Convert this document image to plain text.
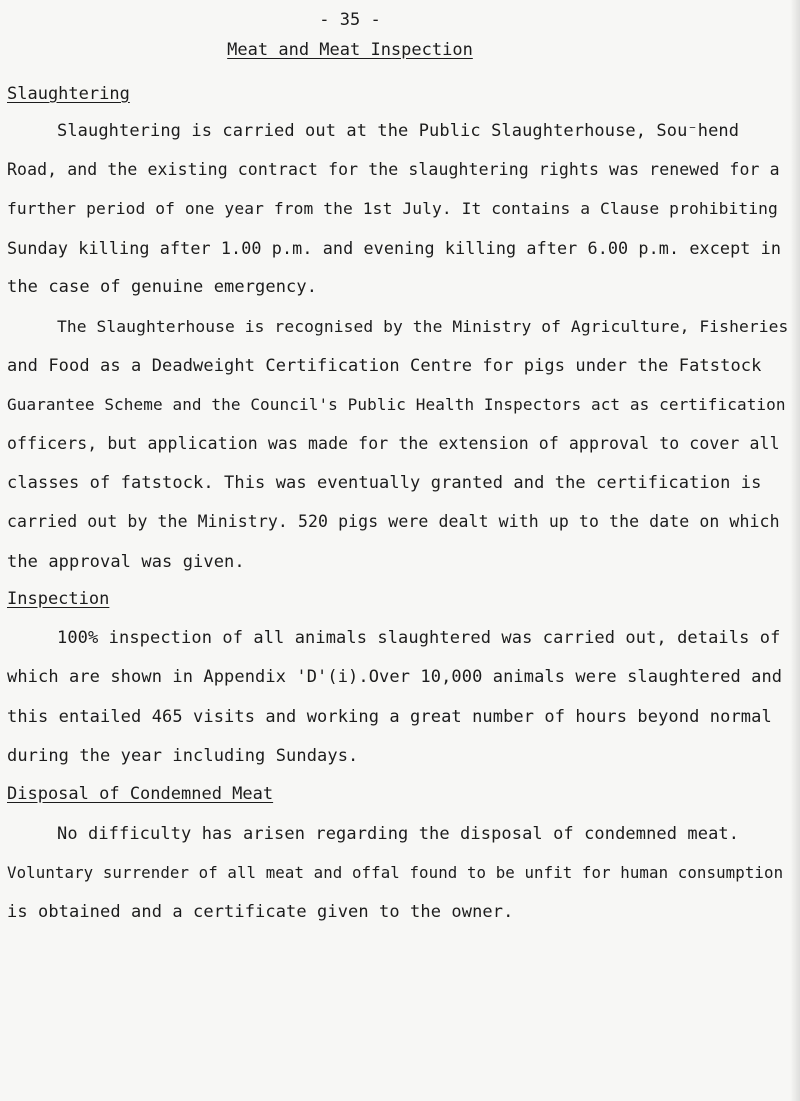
- 35 -
Meat and Meat Inspection
Slaughtering
Slaughtering is carried out at the Public Slaughterhouse, Sou⁻hend
Road, and the existing contract for the slaughtering rights was renewed for a
further period of one year from the 1st July. It contains a Clause prohibiting
Sunday killing after 1.00 p.m. and evening killing after 6.00 p.m. except in
the case of genuine emergency.
The Slaughterhouse is recognised by the Ministry of Agriculture, Fisheries
and Food as a Deadweight Certification Centre for pigs under the Fatstock
Guarantee Scheme and the Council's Public Health Inspectors act as certification
officers, but application was made for the extension of approval to cover all
classes of fatstock. This was eventually granted and the certification is
carried out by the Ministry. 520 pigs were dealt with up to the date on which
the approval was given.
Inspection
100% inspection of all animals slaughtered was carried out, details of
which are shown in Appendix 'D'(i).Over 10,000 animals were slaughtered and
this entailed 465 visits and working a great number of hours beyond normal
during the year including Sundays.
Disposal of Condemned Meat
No difficulty has arisen regarding the disposal of condemned meat.
Voluntary surrender of all meat and offal found to be unfit for human consumption
is obtained and a certificate given to the owner.
